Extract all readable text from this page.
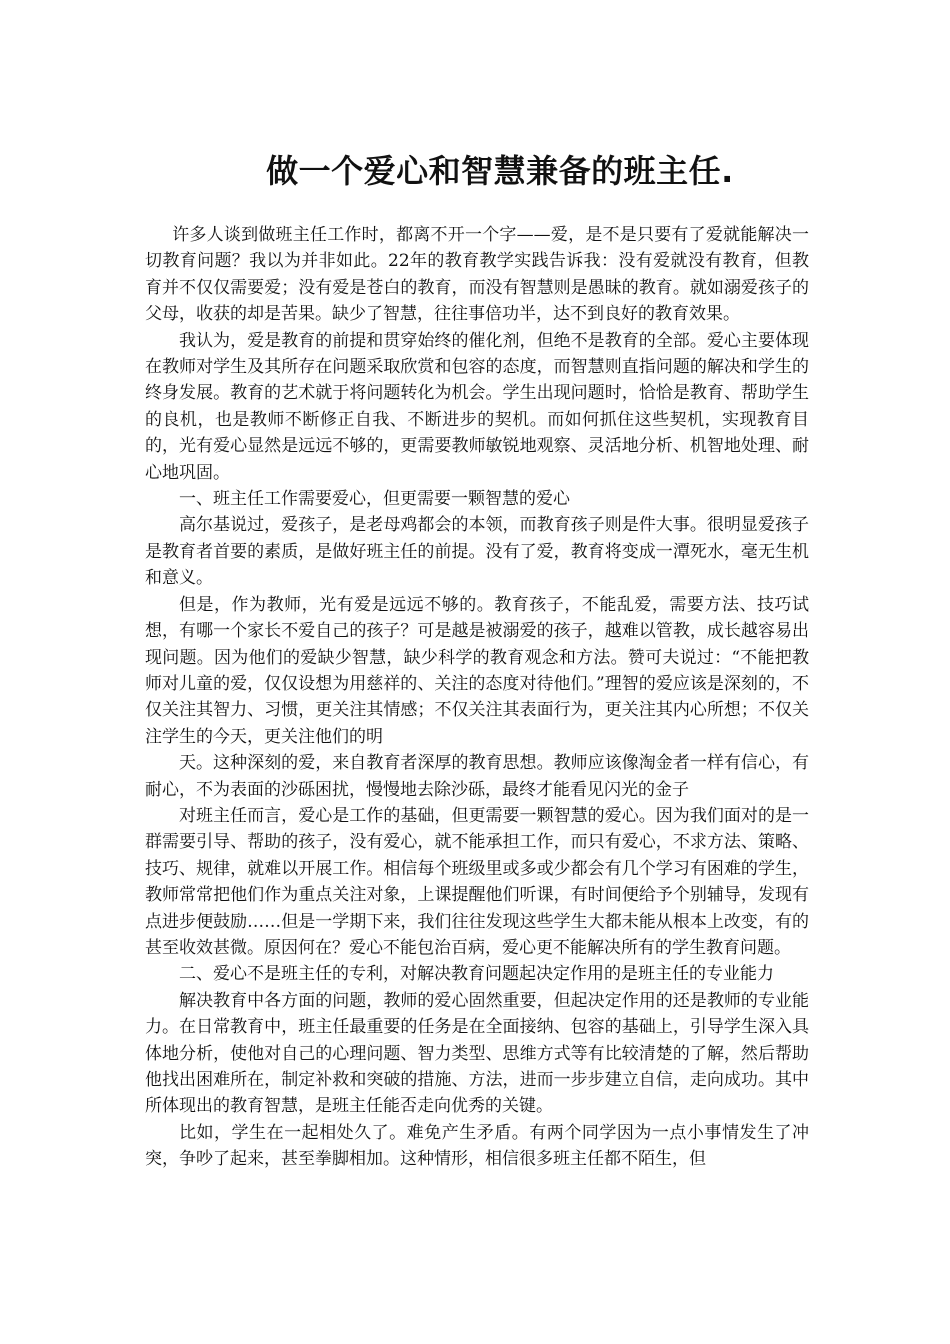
做一个爱心和智慧兼备的班主任.

许多人谈到做班主任工作时，都离不开一个字——爱，是不是只要有了爱就能解决一切教育问题？我以为并非如此。22年的教育教学实践告诉我：没有爱就没有教育，但教育并不仅仅需要爱；没有爱是苍白的教育，而没有智慧则是愚昧的教育。就如溺爱孩子的父母，收获的却是苦果。缺少了智慧，往往事倍功半，达不到良好的教育效果。

我认为，爱是教育的前提和贯穿始终的催化剂，但绝不是教育的全部。爱心主要体现在教师对学生及其所存在问题采取欣赏和包容的态度，而智慧则直指问题的解决和学生的终身发展。教育的艺术就于将问题转化为机会。学生出现问题时，恰恰是教育、帮助学生的良机，也是教师不断修正自我、不断进步的契机。而如何抓住这些契机，实现教育目的，光有爱心显然是远远不够的，更需要教师敏锐地观察、灵活地分析、机智地处理、耐心地巩固。

一、班主任工作需要爱心，但更需要一颗智慧的爱心

高尔基说过，爱孩子，是老母鸡都会的本领，而教育孩子则是件大事。很明显爱孩子是教育者首要的素质，是做好班主任的前提。没有了爱，教育将变成一潭死水，毫无生机和意义。

但是，作为教师，光有爱是远远不够的。教育孩子，不能乱爱，需要方法、技巧试想，有哪一个家长不爱自己的孩子？可是越是被溺爱的孩子，越难以管教，成长越容易出现问题。因为他们的爱缺少智慧，缺少科学的教育观念和方法。赞可夫说过：“不能把教师对儿童的爱，仅仅设想为用慈祥的、关注的态度对待他们。”理智的爱应该是深刻的，不仅关注其智力、习惯，更关注其情感；不仅关注其表面行为，更关注其内心所想；不仅关注学生的今天，更关注他们的明

天。这种深刻的爱，来自教育者深厚的教育思想。教师应该像淘金者一样有信心，有耐心，不为表面的沙砾困扰，慢慢地去除沙砾，最终才能看见闪光的金子

对班主任而言，爱心是工作的基础，但更需要一颗智慧的爱心。因为我们面对的是一群需要引导、帮助的孩子，没有爱心，就不能承担工作，而只有爱心，不求方法、策略、技巧、规律，就难以开展工作。相信每个班级里或多或少都会有几个学习有困难的学生，教师常常把他们作为重点关注对象，上课提醒他们听课，有时间便给予个别辅导，发现有点进步便鼓励……但是一学期下来，我们往往发现这些学生大都未能从根本上改变，有的甚至收效甚微。原因何在？爱心不能包治百病，爱心更不能解决所有的学生教育问题。

二、爱心不是班主任的专利，对解决教育问题起决定作用的是班主任的专业能力

解决教育中各方面的问题，教师的爱心固然重要，但起决定作用的还是教师的专业能力。在日常教育中，班主任最重要的任务是在全面接纳、包容的基础上，引导学生深入具体地分析，使他对自己的心理问题、智力类型、思维方式等有比较清楚的了解，然后帮助他找出困难所在，制定补救和突破的措施、方法，进而一步步建立自信，走向成功。其中所体现出的教育智慧，是班主任能否走向优秀的关键。

比如，学生在一起相处久了。难免产生矛盾。有两个同学因为一点小事情发生了冲突，争吵了起来，甚至拳脚相加。这种情形，相信很多班主任都不陌生，但
